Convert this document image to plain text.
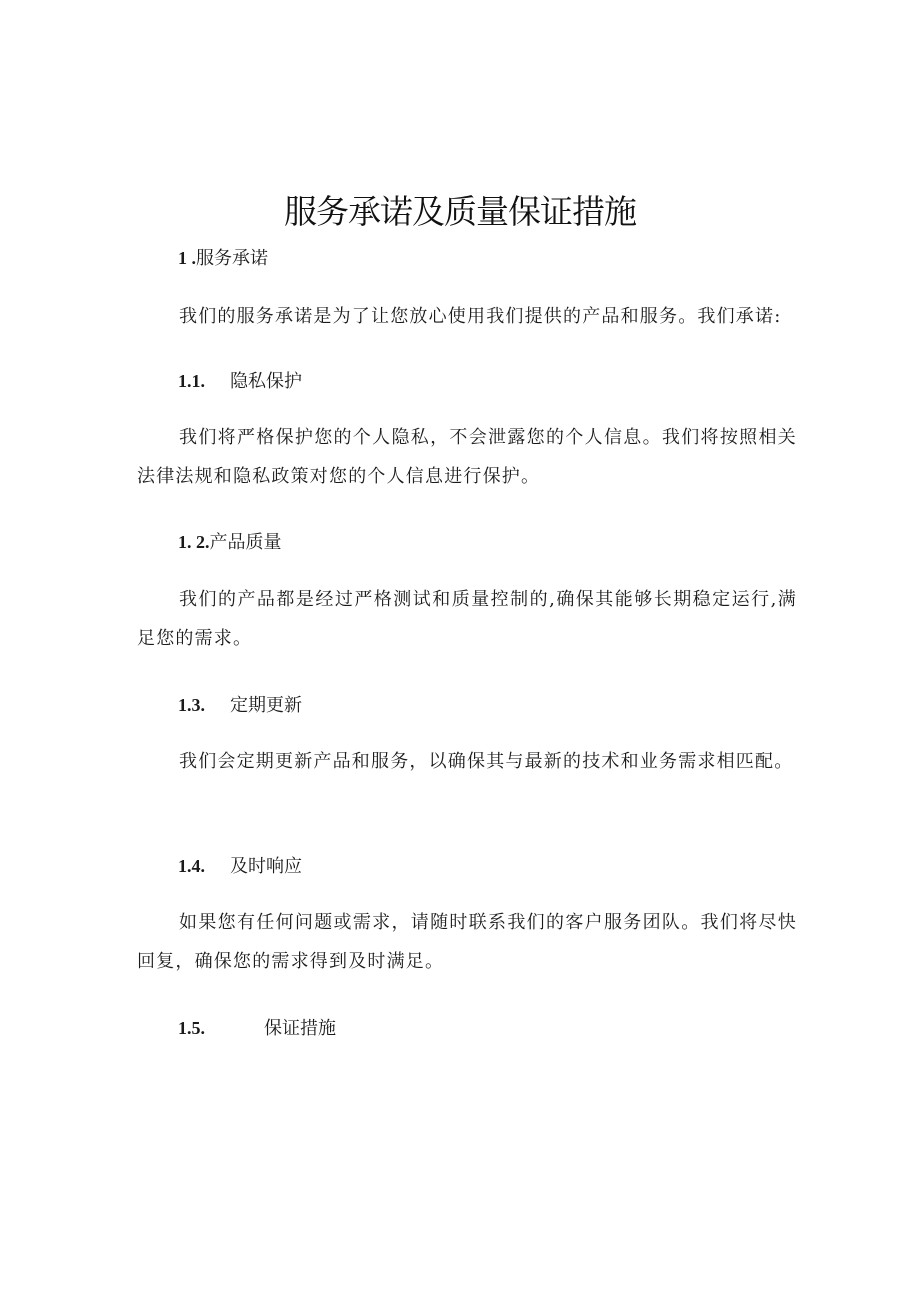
服务承诺及质量保证措施
1 .服务承诺
我们的服务承诺是为了让您放心使用我们提供的产品和服务。我们承诺:
1.1. 隐私保护
我们将严格保护您的个人隐私，不会泄露您的个人信息。我们将按照相关法律法规和隐私政策对您的个人信息进行保护。
1. 2.产品质量
我们的产品都是经过严格测试和质量控制的,确保其能够长期稳定运行,满足您的需求。
1.3. 定期更新
我们会定期更新产品和服务，以确保其与最新的技术和业务需求相匹配。
1.4. 及时响应
如果您有任何问题或需求，请随时联系我们的客户服务团队。我们将尽快回复，确保您的需求得到及时满足。
1.5.	保证措施
